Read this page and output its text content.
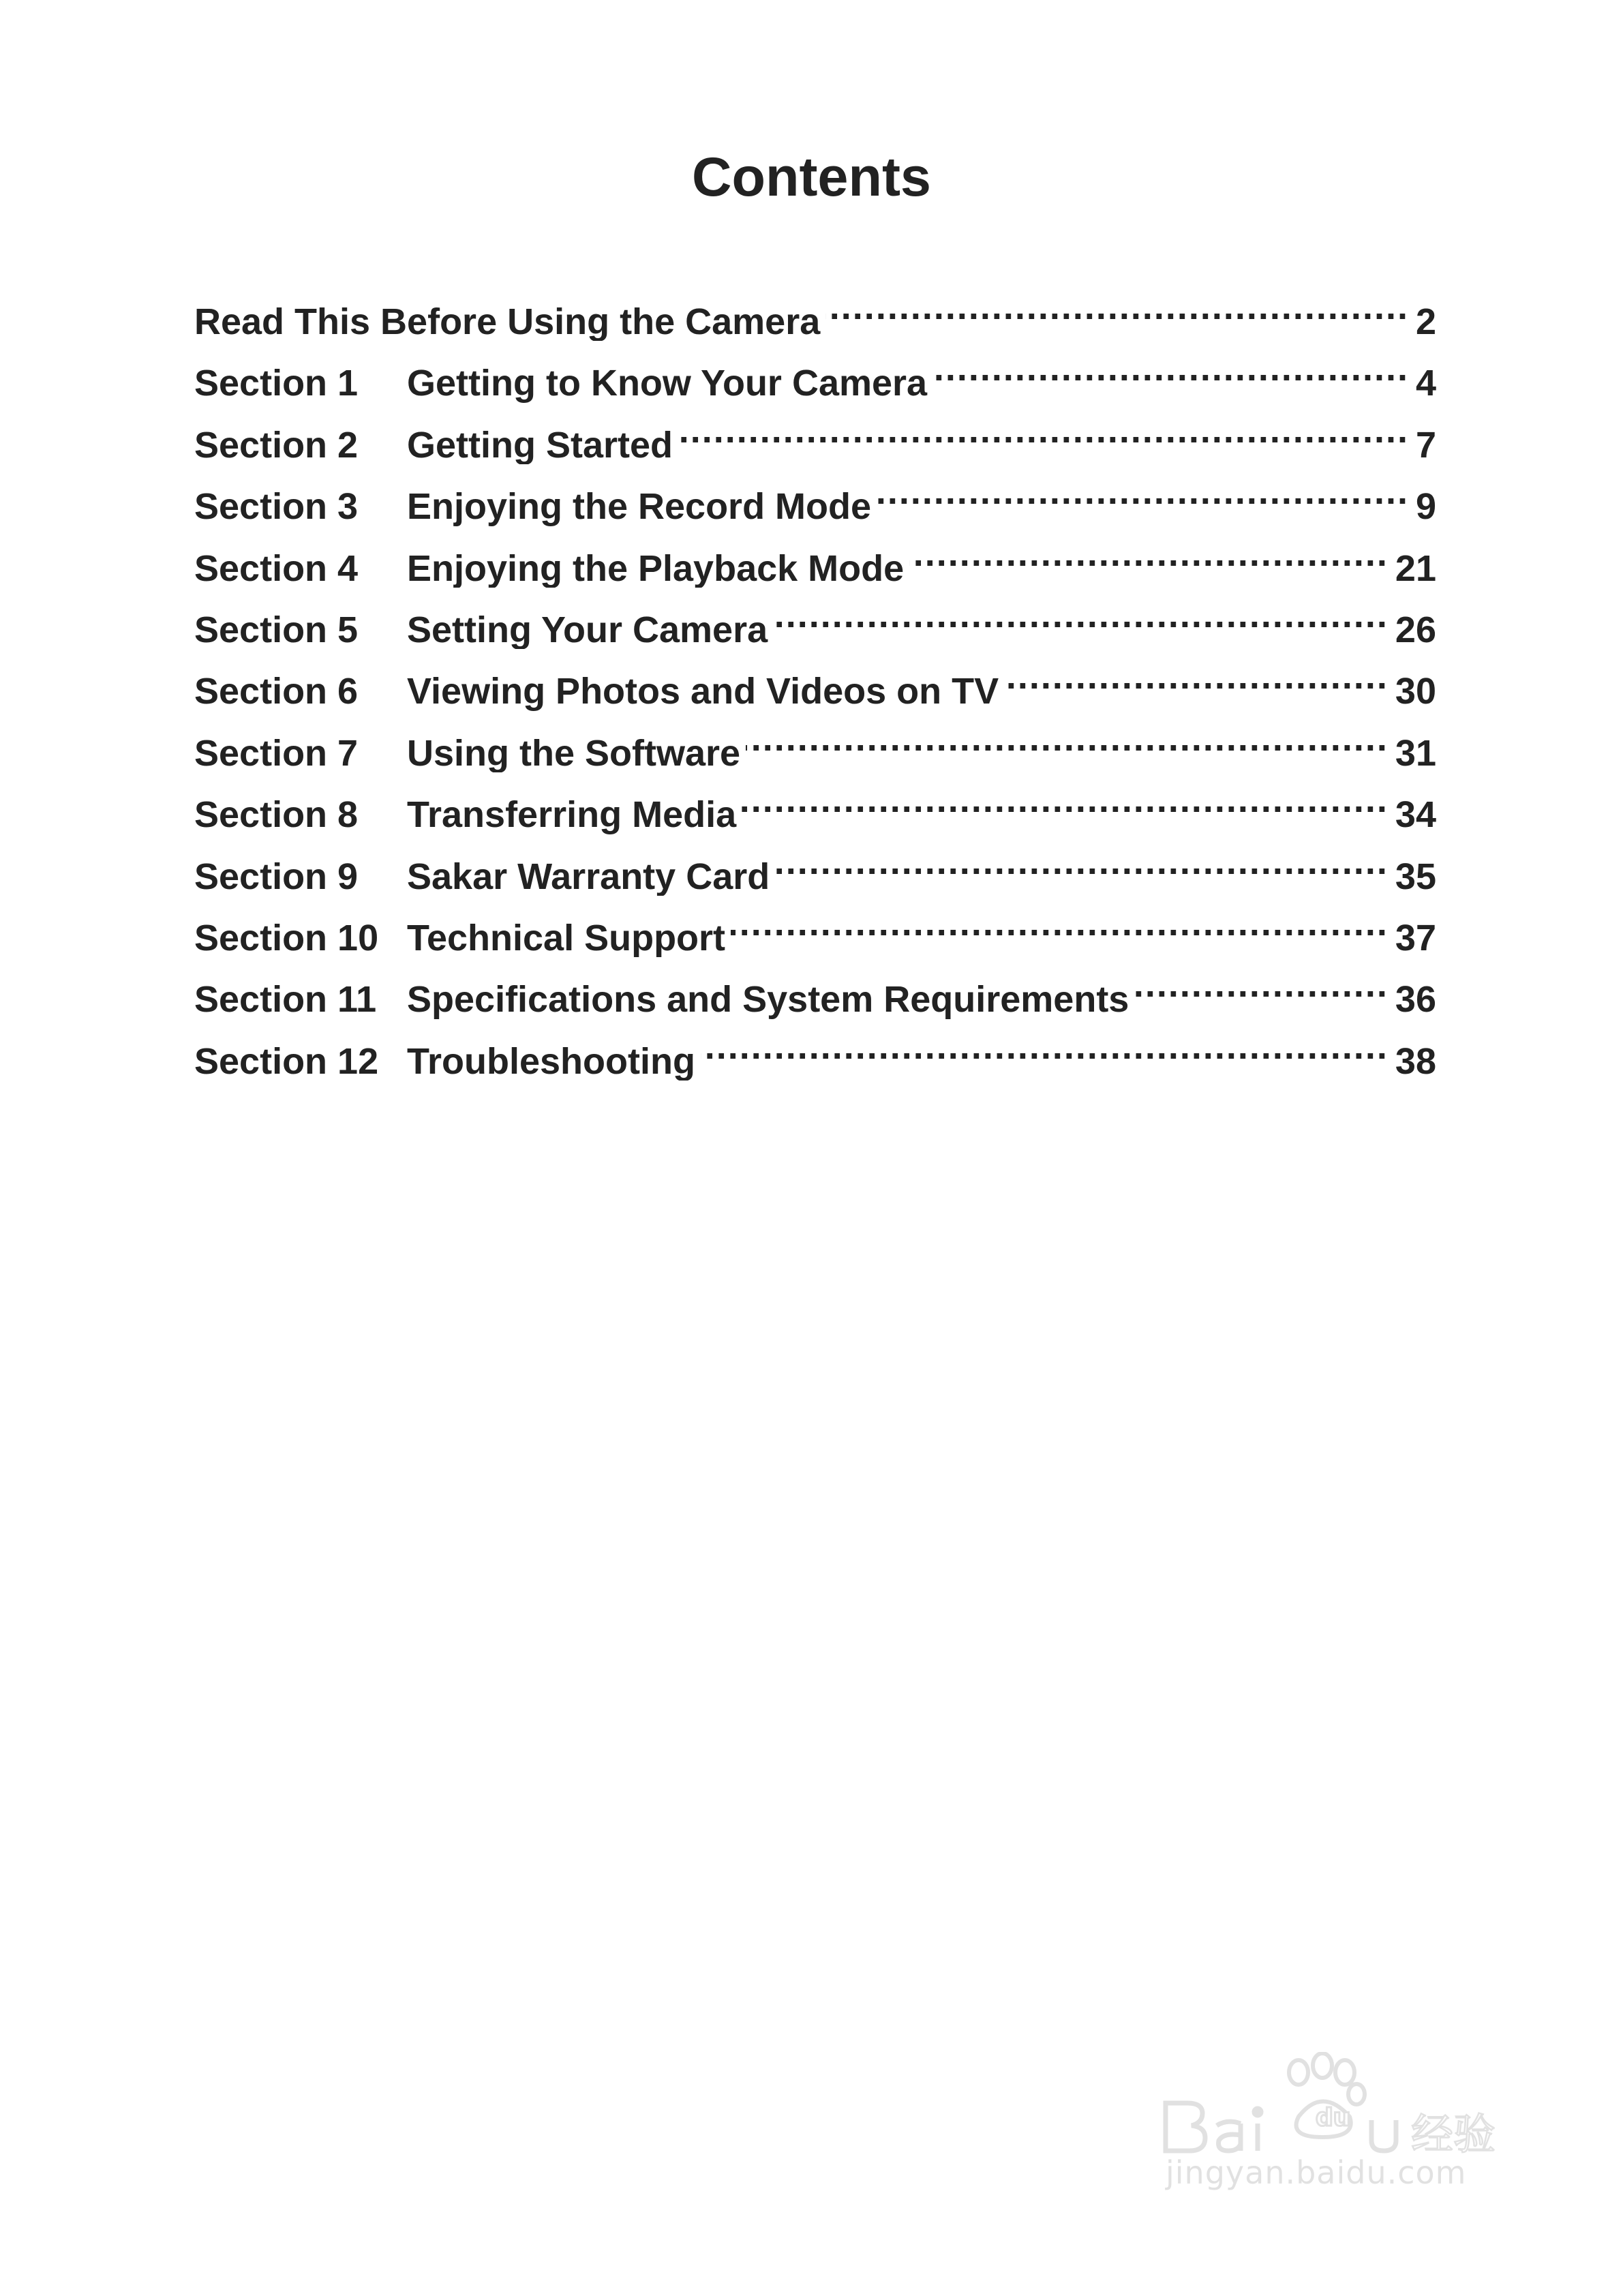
Contents
Read This Before Using the Camera .....	2
Section 1	Getting to Know Your Camera .....	4
Section 2	Getting Started .....	7
Section 3	Enjoying the Record Mode .....	9
Section 4	Enjoying the Playback Mode .....	21
Section 5	Setting Your Camera .....	26
Section 6	Viewing Photos and Videos on TV .....	30
Section 7	Using the Software .....	31
Section 8	Transferring Media .....	34
Section 9	Sakar Warranty Card .....	35
Section 10 Technical Support .....	37
Section 11 Specifications and System Requirements .....	36
Section 12 Troubleshooting .....	38
du 经验
jingyan.baidu.com
